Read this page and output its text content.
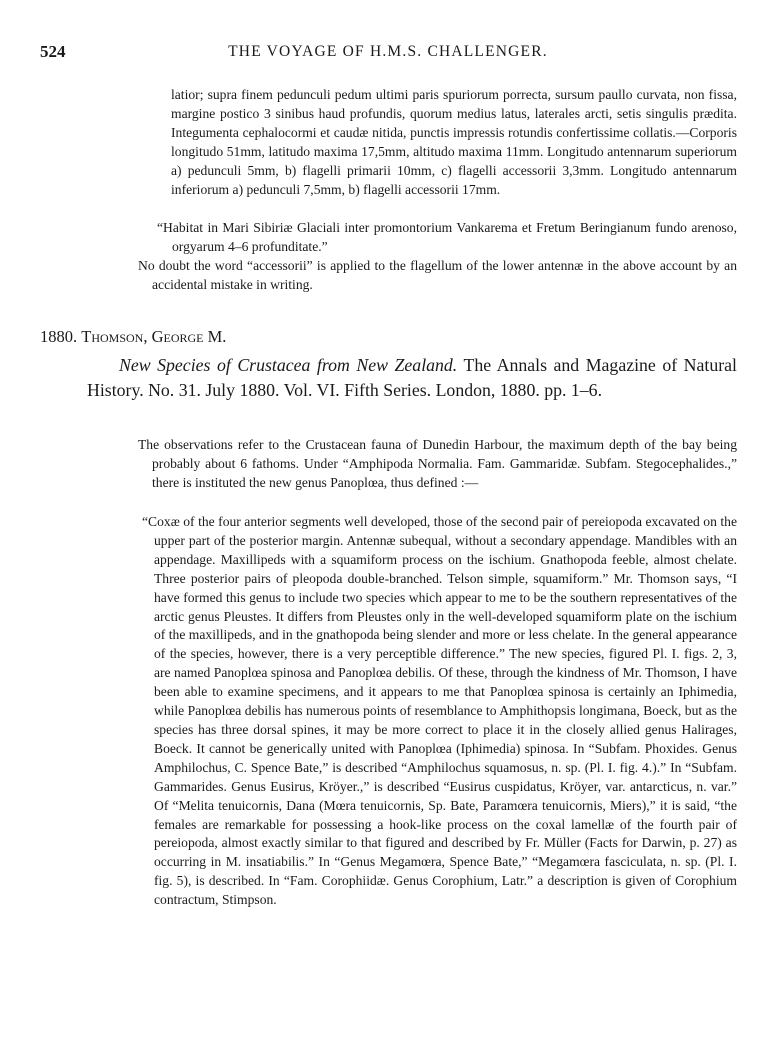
524	THE VOYAGE OF H.M.S. CHALLENGER.

latior; supra finem pedunculi pedum ultimi paris spuriorum porrecta, sursum paullo curvata, non fissa, margine postico 3 sinibus haud profundis, quorum medius latus, laterales arcti, setis singulis prædita. Integumenta cephalocormi et caudæ nitida, punctis impressis rotundis confertissime collatis.—Corporis longitudo 51mm, latitudo maxima 17,5mm, altitudo maxima 11mm. Longitudo antennarum superiorum a) pedunculi 5mm, b) flagelli primarii 10mm, c) flagelli accessorii 3,3mm. Longitudo antennarum inferiorum a) pedunculi 7,5mm, b) flagelli accessorii 17mm.

“Habitat in Mari Sibiriæ Glaciali inter promontorium Vankarema et Fretum Beringianum fundo arenoso, orgyarum 4–6 profunditate.”

No doubt the word “accessorii” is applied to the flagellum of the lower antennæ in the above account by an accidental mistake in writing.

1880. Thomson, George M.
New Species of Crustacea from New Zealand. The Annals and Magazine of Natural History. No. 31. July 1880. Vol. VI. Fifth Series. London, 1880. pp. 1–6.

The observations refer to the Crustacean fauna of Dunedin Harbour, the maximum depth of the bay being probably about 6 fathoms. Under “Amphipoda Normalia. Fam. Gammaridæ. Subfam. Stegocephalides.,” there is instituted the new genus Panoplœa, thus defined :—

“Coxæ of the four anterior segments well developed, those of the second pair of pereiopoda excavated on the upper part of the posterior margin. Antennæ subequal, without a secondary appendage. Mandibles with an appendage. Maxillipeds with a squamiform process on the ischium. Gnathopoda feeble, almost chelate. Three posterior pairs of pleopoda double-branched. Telson simple, squamiform.” Mr. Thomson says, “I have formed this genus to include two species which appear to me to be the southern representatives of the arctic genus Pleustes. It differs from Pleustes only in the well-developed squamiform plate on the ischium of the maxillipeds, and in the gnathopoda being slender and more or less chelate. In the general appearance of the species, however, there is a very perceptible difference.” The new species, figured Pl. I. figs. 2, 3, are named Panoplœa spinosa and Panoplœa debilis. Of these, through the kindness of Mr. Thomson, I have been able to examine specimens, and it appears to me that Panoplœa spinosa is certainly an Iphimedia, while Panoplœa debilis has numerous points of resemblance to Amphithopsis longimana, Boeck, but as the species has three dorsal spines, it may be more correct to place it in the closely allied genus Halirages, Boeck. It cannot be generically united with Panoplœa (Iphimedia) spinosa. In “Subfam. Phoxides. Genus Amphilochus, C. Spence Bate,” is described “Amphilochus squamosus, n. sp. (Pl. I. fig. 4.).” In “Subfam. Gammarides. Genus Eusirus, Kröyer.,” is described “Eusirus cuspidatus, Kröyer, var. antarcticus, n. var.” Of “Melita tenuicornis, Dana (Mœra tenuicornis, Sp. Bate, Paramœra tenuicornis, Miers),” it is said, “the females are remarkable for possessing a hook-like process on the coxal lamellæ of the fourth pair of pereiopoda, almost exactly similar to that figured and described by Fr. Müller (Facts for Darwin, p. 27) as occurring in M. insatiabilis.” In “Genus Megamœra, Spence Bate,” “Megamœra fasciculata, n. sp. (Pl. I. fig. 5), is described. In “Fam. Corophiidæ. Genus Corophium, Latr.” a description is given of Corophium contractum, Stimpson.
